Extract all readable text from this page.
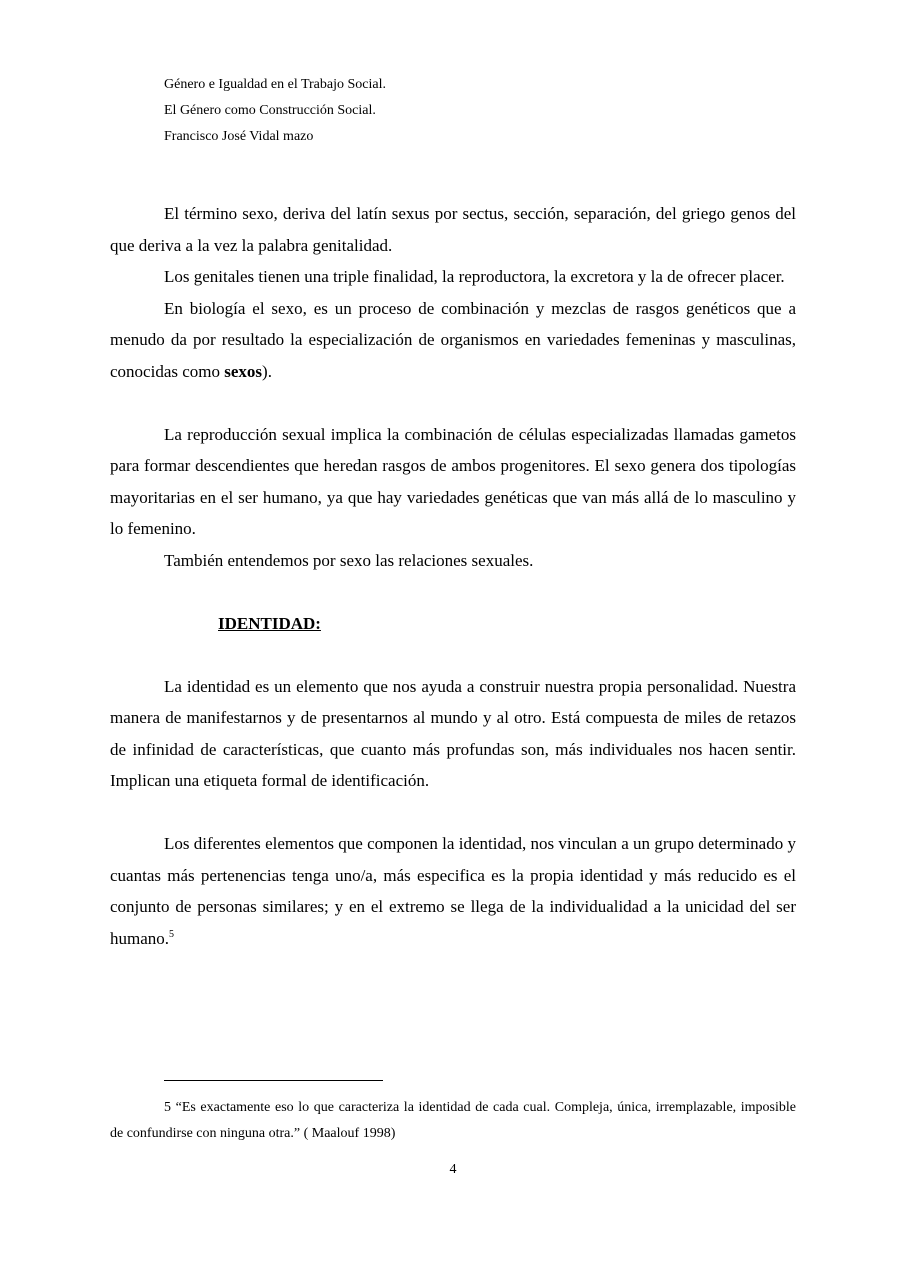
Género e Igualdad en el Trabajo Social.
El Género como Construcción Social.
Francisco José Vidal mazo

El término sexo, deriva del latín sexus por sectus, sección, separación, del griego genos del que deriva a la vez la palabra genitalidad.

Los genitales tienen una triple finalidad, la reproductora, la excretora y la de ofrecer placer.

En biología el sexo, es un proceso de combinación y mezclas de rasgos genéticos que a menudo da por resultado la especialización de organismos en variedades femeninas y masculinas, conocidas como sexos).

La reproducción sexual implica la combinación de células especializadas llamadas gametos para formar descendientes que heredan rasgos de ambos progenitores. El sexo genera dos tipologías mayoritarias en el ser humano, ya que hay variedades genéticas que van más allá de lo masculino y lo femenino.

También entendemos por sexo las relaciones sexuales.

IDENTIDAD:

La identidad es un elemento que nos ayuda a construir nuestra propia personalidad. Nuestra manera de manifestarnos y de presentarnos al mundo y al otro. Está compuesta de miles de retazos de infinidad de características, que cuanto más profundas son, más individuales nos hacen sentir. Implican una etiqueta formal de identificación.

Los diferentes elementos que componen la identidad, nos vinculan a un grupo determinado y cuantas más pertenencias tenga uno/a, más especifica es la propia identidad y más reducido es el conjunto de personas similares; y en el extremo se llega de la individualidad a la unicidad del ser humano.$^5$

5 “Es exactamente eso lo que caracteriza la identidad de cada cual. Compleja, única, irremplazable, imposible de confundirse con ninguna otra.” ( Maalouf 1998)

4
